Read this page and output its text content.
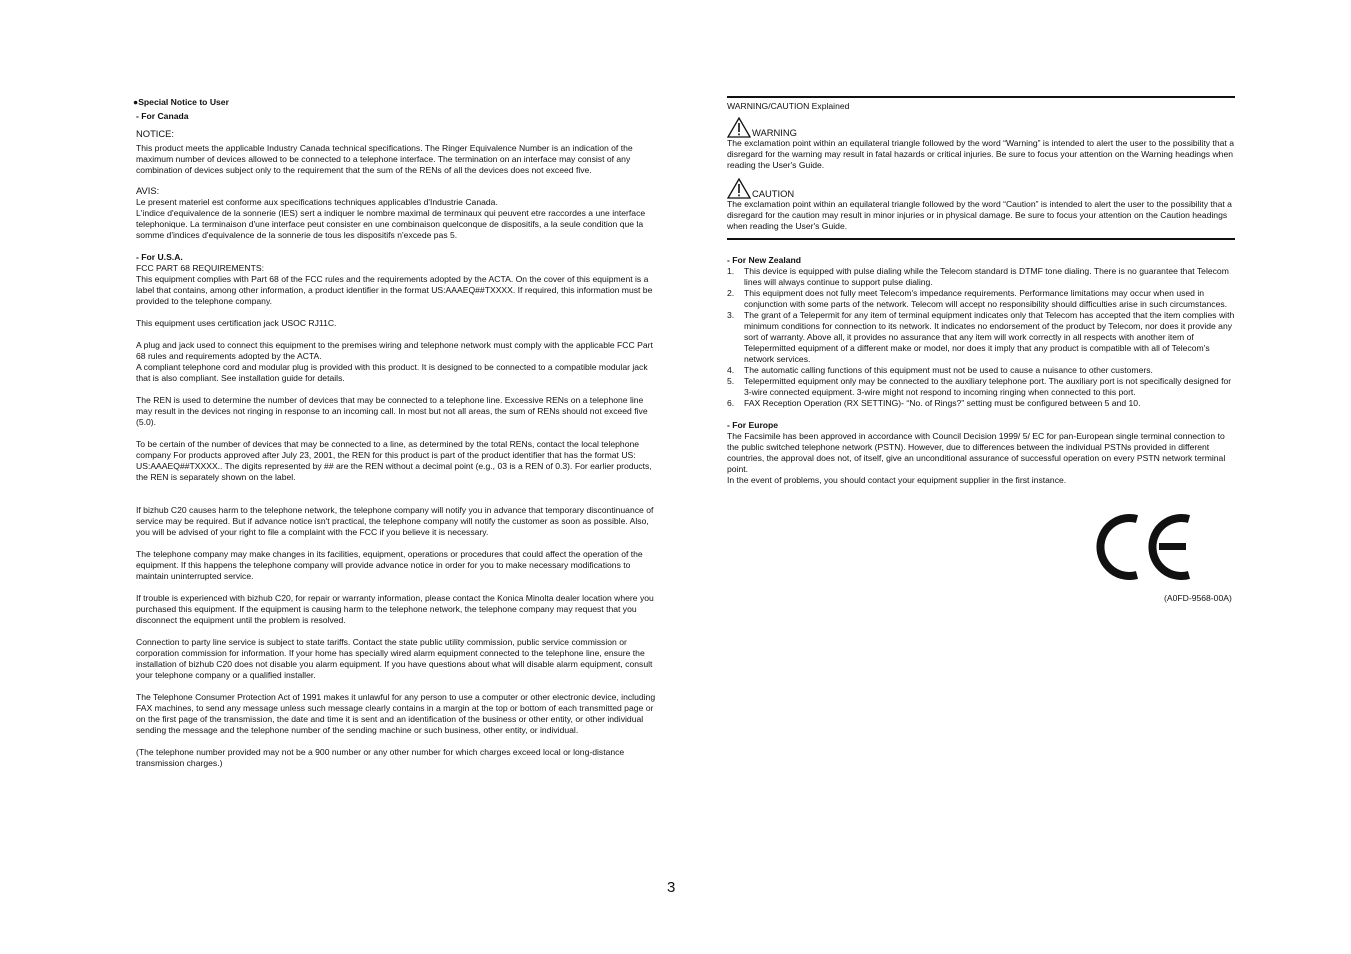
●Special Notice to User

- For Canada

NOTICE:

This product meets the applicable Industry Canada technical specifications. The Ringer Equivalence Number is an indication of the maximum number of devices allowed to be connected to a telephone interface. The termination on an interface may consist of any combination of devices subject only to the requirement that the sum of the RENs of all the devices does not exceed five.

AVIS:

Le present materiel est conforme aux specifications techniques applicables d'Industrie Canada.

L'indice d'equivalence de la sonnerie (IES) sert a indiquer le nombre maximal de terminaux qui peuvent etre raccordes a une interface telephonique. La terminaison d'une interface peut consister en une combinaison quelconque de dispositifs, a la seule condition que la somme d'indices d'equivalence de la sonnerie de tous les dispositifs n'excede pas 5.

- For U.S.A.

FCC PART 68 REQUIREMENTS:

This equipment complies with Part 68 of the FCC rules and the requirements adopted by the ACTA. On the cover of this equipment is a label that contains, among other information, a product identifier in the format US:AAAEQ##TXXXX. If required, this information must be provided to the telephone company.

This equipment uses certification jack USOC RJ11C.

A plug and jack used to connect this equipment to the premises wiring and telephone network must comply with the applicable FCC Part 68 rules and requirements adopted by the ACTA.

A compliant telephone cord and modular plug is provided with this product. It is designed to be connected to a compatible modular jack that is also compliant. See installation guide for details.

The REN is used to determine the number of devices that may be connected to a telephone line. Excessive RENs on a telephone line may result in the devices not ringing in response to an incoming call. In most but not all areas, the sum of RENs should not exceed five (5.0).

To be certain of the number of devices that may be connected to a line, as determined by the total RENs, contact the local telephone company For products approved after July 23, 2001, the REN for this product is part of the product identifier that has the format US: US:AAAEQ##TXXXX.. The digits represented by ## are the REN without a decimal point (e.g., 03 is a REN of 0.3). For earlier products, the REN is separately shown on the label.

If bizhub C20 causes harm to the telephone network, the telephone company will notify you in advance that temporary discontinuance of service may be required. But if advance notice isn't practical, the telephone company will notify the customer as soon as possible. Also, you will be advised of your right to file a complaint with the FCC if you believe it is necessary.

The telephone company may make changes in its facilities, equipment, operations or procedures that could affect the operation of the equipment. If this happens the telephone company will provide advance notice in order for you to make necessary modifications to maintain uninterrupted service.

If trouble is experienced with bizhub C20, for repair or warranty information, please contact the Konica Minolta dealer location where you purchased this equipment. If the equipment is causing harm to the telephone network, the telephone company may request that you disconnect the equipment until the problem is resolved.

Connection to party line service is subject to state tariffs. Contact the state public utility commission, public service commission or corporation commission for information. If your home has specially wired alarm equipment connected to the telephone line, ensure the installation of bizhub C20 does not disable you alarm equipment. If you have questions about what will disable alarm equipment, consult your telephone company or a qualified installer.

The Telephone Consumer Protection Act of 1991 makes it unlawful for any person to use a computer or other electronic device, including FAX machines, to send any message unless such message clearly contains in a margin at the top or bottom of each transmitted page or on the first page of the transmission, the date and time it is sent and an identification of the business or other entity, or other individual sending the message and the telephone number of the sending machine or such business, other entity, or individual.

(The telephone number provided may not be a 900 number or any other number for which charges exceed local or long-distance transmission charges.)

WARNING/CAUTION Explained

WARNING

The exclamation point within an equilateral triangle followed by the word “Warning” is intended to alert the user to the possibility that a disregard for the warning may result in fatal hazards or critical injuries. Be sure to focus your attention on the Warning headings when reading the User's Guide.

CAUTION

The exclamation point within an equilateral triangle followed by the word “Caution” is intended to alert the user to the possibility that a disregard for the caution may result in minor injuries or in physical damage. Be sure to focus your attention on the Caution headings when reading the User's Guide.

- For New Zealand

1.	This device is equipped with pulse dialing while the Telecom standard is DTMF tone dialing. There is no guarantee that Telecom lines will always continue to support pulse dialing.
2.	This equipment does not fully meet Telecom's impedance requirements. Performance limitations may occur when used in conjunction with some parts of the network. Telecom will accept no responsibility should difficulties arise in such circumstances.
3.	The grant of a Telepermit for any item of terminal equipment indicates only that Telecom has accepted that the item complies with minimum conditions for connection to its network. It indicates no endorsement of the product by Telecom, nor does it provide any sort of warranty. Above all, it provides no assurance that any item will work correctly in all respects with another item of Telepermitted equipment of a different make or model, nor does it imply that any product is compatible with all of Telecom's network services.
4.	The automatic calling functions of this equipment must not be used to cause a nuisance to other customers.
5.	Telepermitted equipment only may be connected to the auxiliary telephone port. The auxiliary port is not specifically designed for 3-wire connected equipment. 3-wire might not respond to incoming ringing when connected to this port.
6.	FAX Reception Operation (RX SETTING)- “No. of Rings?” setting must be configured between 5 and 10.

- For Europe

The Facsimile has been approved in accordance with Council Decision 1999/ 5/ EC for pan-European single terminal connection to the public switched telephone network (PSTN). However, due to differences between the individual PSTNs provided in different countries, the approval does not, of itself, give an unconditional assurance of successful operation on every PSTN network terminal point.

In the event of problems, you should contact your equipment supplier in the first instance.

(A0FD-9568-00A)
3
